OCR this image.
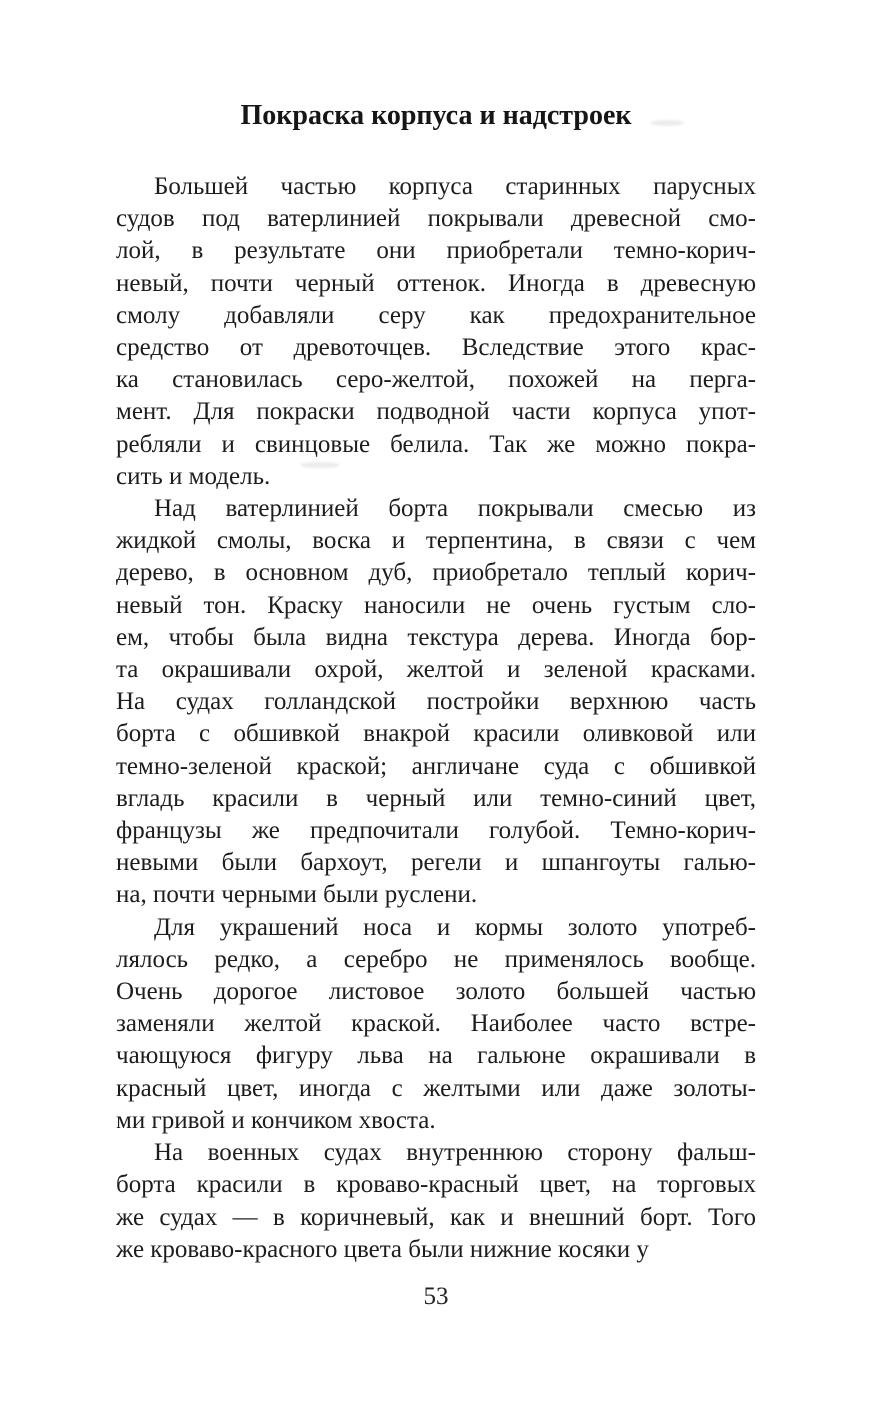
Покраска корпуса и надстроек
Большей частью корпуса старинных парусных
судов под ватерлинией покрывали древесной смо-
лой, в результате они приобретали темно-корич-
невый, почти черный оттенок. Иногда в древесную
смолу добавляли серу как предохранительное
средство от древоточцев. Вследствие этого крас-
ка становилась серо-желтой, похожей на перга-
мент. Для покраски подводной части корпуса упот-
ребляли и свинцовые белила. Так же можно покра-
сить и модель.
Над ватерлинией борта покрывали смесью из
жидкой смолы, воска и терпентина, в связи с чем
дерево, в основном дуб, приобретало теплый корич-
невый тон. Краску наносили не очень густым сло-
ем, чтобы была видна текстура дерева. Иногда бор-
та окрашивали охрой, желтой и зеленой красками.
На судах голландской постройки верхнюю часть
борта с обшивкой внакрой красили оливковой или
темно-зеленой краской; англичане суда с обшивкой
вгладь красили в черный или темно-синий цвет,
французы же предпочитали голубой. Темно-корич-
невыми были бархоут, регели и шпангоуты галью-
на, почти черными были руслени.
Для украшений носа и кормы золото употреб-
лялось редко, а серебро не применялось вообще.
Очень дорогое листовое золото большей частью
заменяли желтой краской. Наиболее часто встре-
чающуюся фигуру льва на гальюне окрашивали в
красный цвет, иногда с желтыми или даже золоты-
ми гривой и кончиком хвоста.
На военных судах внутреннюю сторону фальш-
борта красили в кроваво-красный цвет, на торговых
же судах — в коричневый, как и внешний борт. Того
же кроваво-красного цвета были нижние косяки у
53
